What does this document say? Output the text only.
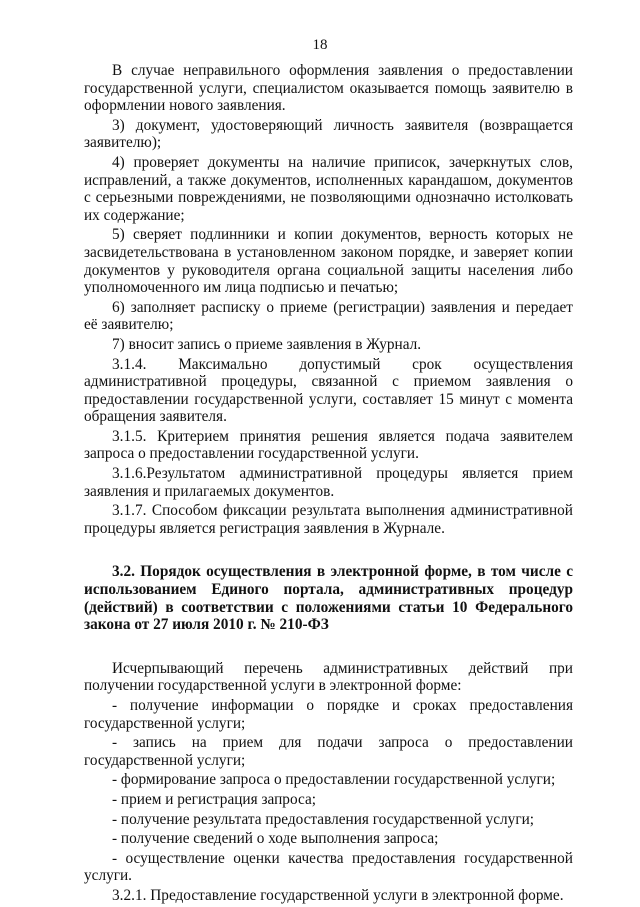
18

В случае неправильного оформления заявления о предоставлении государственной услуги, специалистом оказывается помощь заявителю в оформлении нового заявления.

3) документ, удостоверяющий личность заявителя (возвращается заявителю);

4) проверяет документы на наличие приписок, зачеркнутых слов, исправлений, а также документов, исполненных карандашом, документов с серьезными повреждениями, не позволяющими однозначно истолковать их содержание;

5) сверяет подлинники и копии документов, верность которых не засвидетельствована в установленном законом порядке, и заверяет копии документов у руководителя органа социальной защиты населения либо уполномоченного им лица подписью и печатью;

6) заполняет расписку о приеме (регистрации) заявления и передает её заявителю;

7) вносит запись о приеме заявления в Журнал.

3.1.4. Максимально допустимый срок осуществления административной процедуры, связанной с приемом заявления о предоставлении государственной услуги, составляет 15 минут с момента обращения заявителя.

3.1.5. Критерием принятия решения является подача заявителем запроса о предоставлении государственной услуги.

3.1.6.Результатом административной процедуры является прием заявления и прилагаемых документов.

3.1.7. Способом фиксации результата выполнения административной процедуры является регистрация заявления в Журнале.

3.2. Порядок осуществления в электронной форме, в том числе с использованием Единого портала, административных процедур (действий) в соответствии с положениями статьи 10 Федерального закона от 27 июля 2010 г. № 210-ФЗ

Исчерпывающий перечень административных действий при получении государственной услуги в электронной форме:

- получение информации о порядке и сроках предоставления государственной услуги;

- запись на прием для подачи запроса о предоставлении государственной услуги;

- формирование запроса о предоставлении государственной услуги;

- прием и регистрация запроса;

- получение результата предоставления государственной услуги;

- получение сведений о ходе выполнения запроса;

- осуществление оценки качества предоставления государственной услуги.

3.2.1. Предоставление государственной услуги в электронной форме.
